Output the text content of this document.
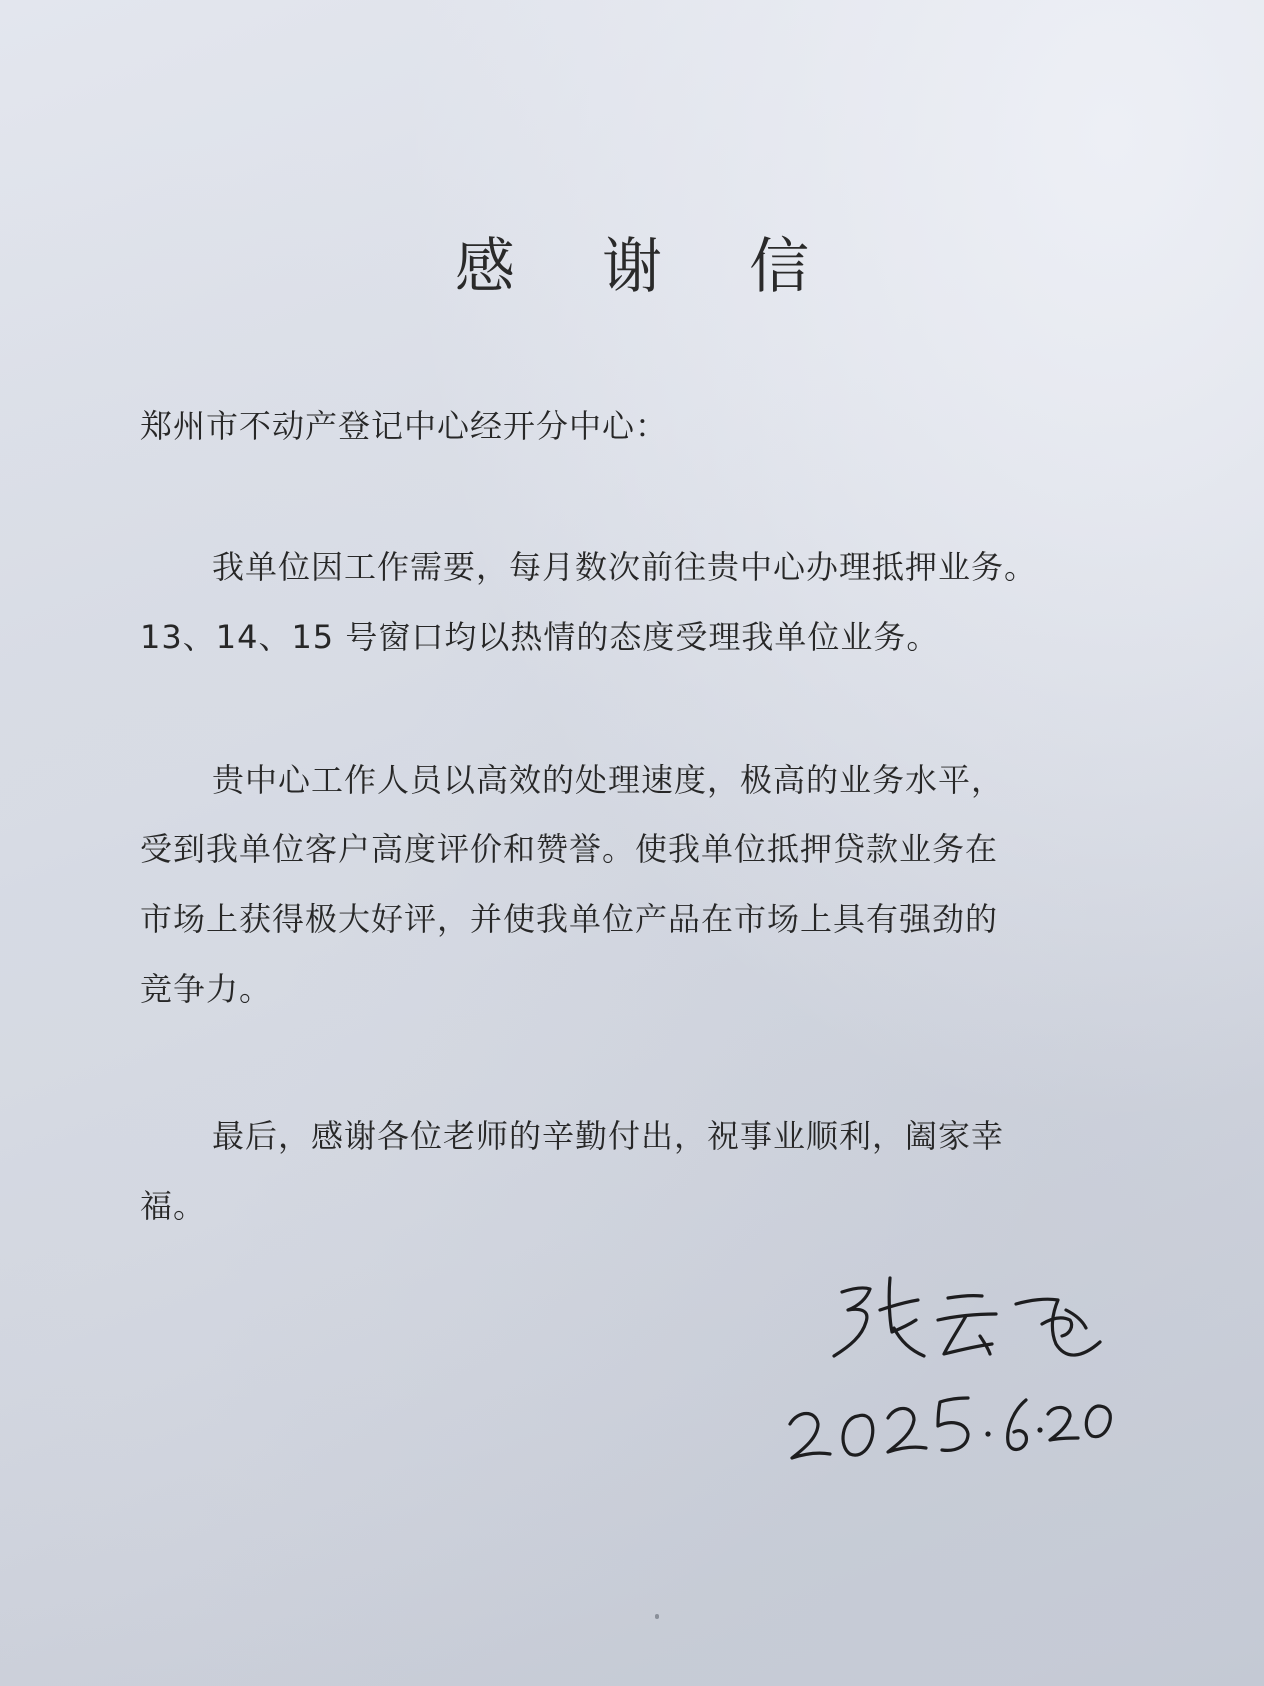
感 谢 信
郑州市不动产登记中心经开分中心：
我单位因工作需要，每月数次前往贵中心办理抵押业务。
13、14、15 号窗口均以热情的态度受理我单位业务。
贵中心工作人员以高效的处理速度，极高的业务水平，
受到我单位客户高度评价和赞誉。使我单位抵押贷款业务在
市场上获得极大好评，并使我单位产品在市场上具有强劲的
竞争力。
最后，感谢各位老师的辛勤付出，祝事业顺利，阖家幸
福。
